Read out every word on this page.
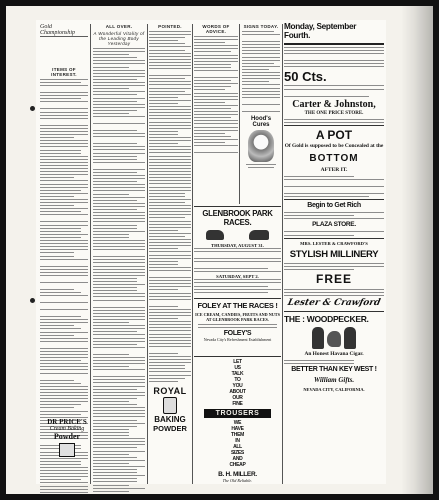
Gold Championship
ITEMS OF INTEREST.
ALL OVER.
A Wonderful Vitality of the Leading Body Yesterday
POINTED.
ROYAL
BAKING
POWDER
DR PRICE'S
Cream Baking
Powder
WORDS OF ADVICE.
SIGNS TODAY.
Hood's Cures
GLENBROOK PARK RACES.
THURSDAY, AUGUST 31.
SATURDAY, SEPT 2.
FOLEY AT THE RACES !
ICE CREAM, CANDIES, FRUITS AND NUTS
AT GLENBROOK PARK RACES.
FOLEY'S
Nevada City's Refreshment Establishment
LET
US
TALK
TO
YOU
ABOUT
OUR
FINE
TROUSERS
WE
HAVE
THEM
IN
ALL
SIZES
AND
CHEAP
B. H. MILLER.
The Old Reliable.
Monday, September Fourth.
50 Cts.
Carter & Johnston,
THE ONE PRICE STORE.
A POT
Of Gold is supposed to be Concealed at the
BOTTOM
AFTER IT.
Begin to Get Rich
PLAZA STORE.
MRS. LESTER & CRAWFORD'S
STYLISH MILLINERY
FREE
Lester & Crawford
THE : WOODPECKER.
An Honest Havana Cigar.
BETTER THAN KEY WEST !
William Gifts.
NEVADA CITY, CALIFORNIA.
